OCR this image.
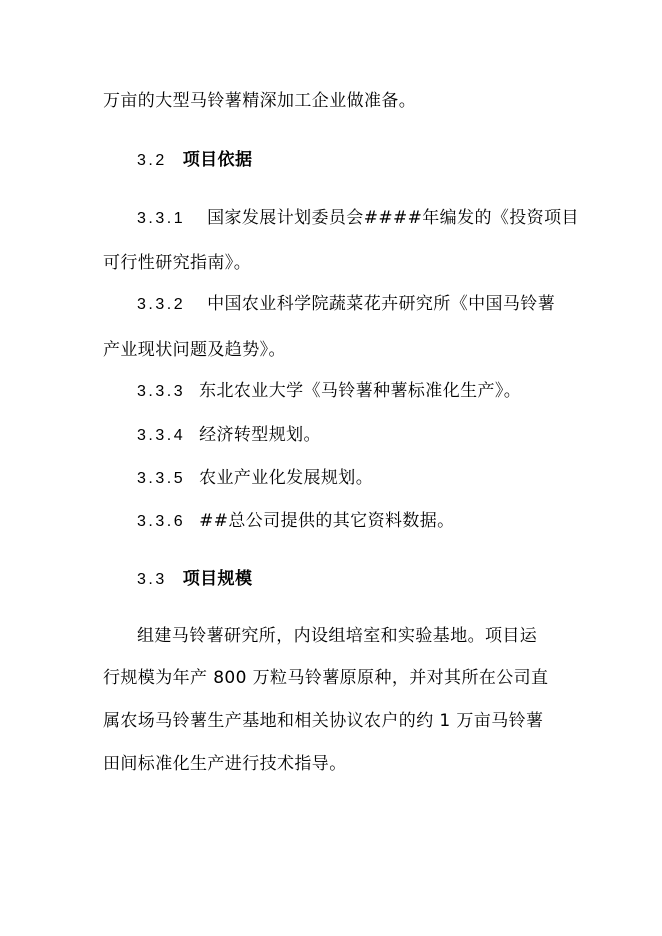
万亩的大型马铃薯精深加工企业做准备。
3.2 项目依据
3.3.1 国家发展计划委员会####年编发的《投资项目
可行性研究指南》。
3.3.2 中国农业科学院蔬菜花卉研究所《中国马铃薯
产业现状问题及趋势》。
3.3.3 东北农业大学《马铃薯种薯标准化生产》。
3.3.4 经济转型规划。
3.3.5 农业产业化发展规划。
3.3.6 ##总公司提供的其它资料数据。
3.3 项目规模
组建马铃薯研究所，内设组培室和实验基地。项目运
行规模为年产 800 万粒马铃薯原原种，并对其所在公司直
属农场马铃薯生产基地和相关协议农户的约 1 万亩马铃薯
田间标准化生产进行技术指导。
